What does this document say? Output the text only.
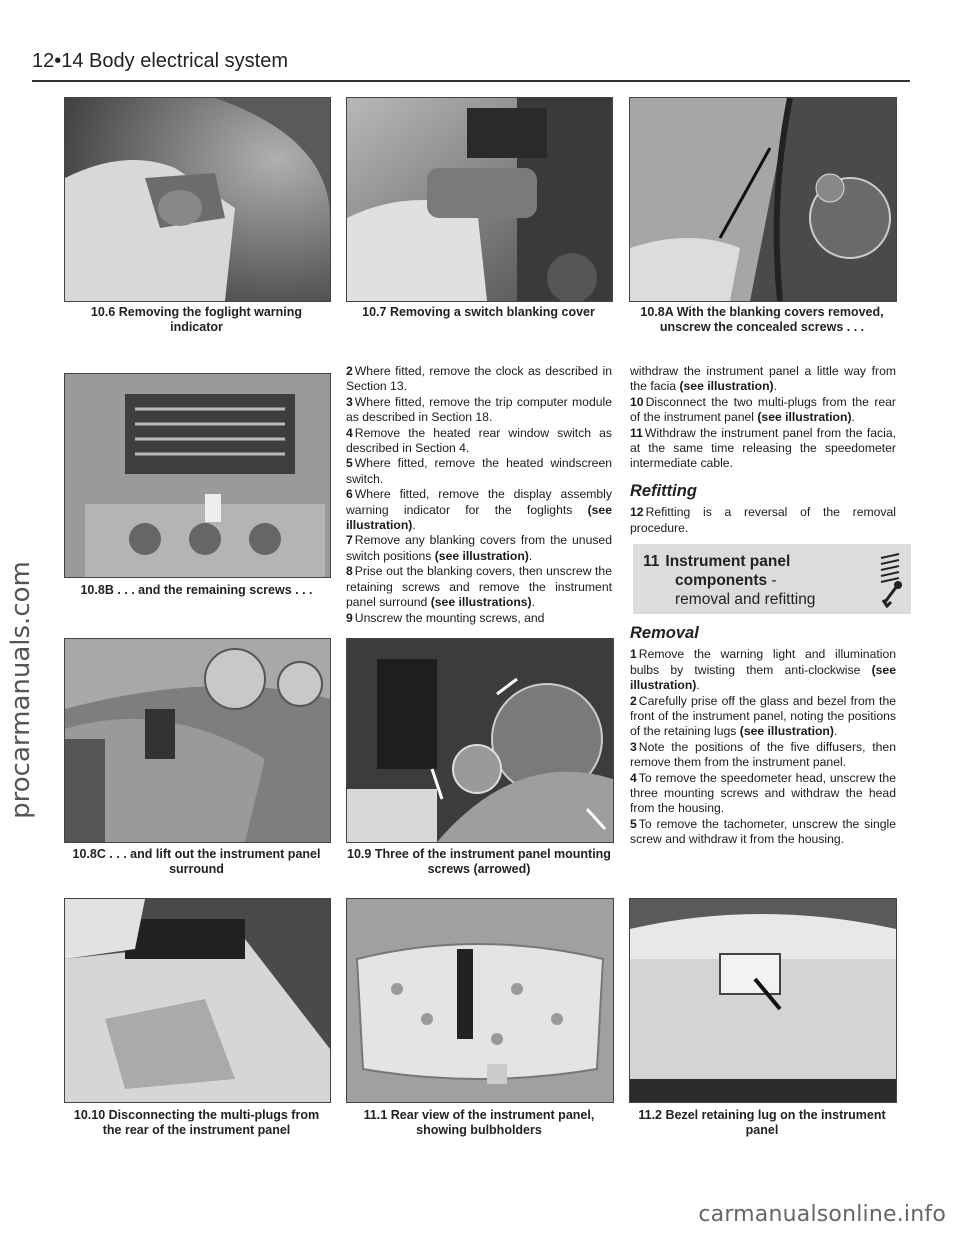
12•14 Body electrical system
procarmanuals.com
10.6 Removing the foglight warning indicator
10.7 Removing a switch blanking cover	10.8A With the blanking covers removed, unscrew the concealed screws . . .
10.8B . . . and the remaining screws . . .

2 Where fitted, remove the clock as described in Section 13.

3 Where fitted, remove the trip computer module as described in Section 18.

4 Remove the heated rear window switch as described in Section 4.

5 Where fitted, remove the heated windscreen switch.

6 Where fitted, remove the display assembly warning indicator for the foglights (see illustration).

7 Remove any blanking covers from the unused switch positions (see illustration).

8 Prise out the blanking covers, then unscrew the retaining screws and remove the instrument panel surround (see illustrations).

9 Unscrew the mounting screws, and

withdraw the instrument panel a little way from the facia (see illustration).

10 Disconnect the two multi-plugs from the rear of the instrument panel (see illustration).

11 Withdraw the instrument panel from the facia, at the same time releasing the speedometer intermediate cable.

Refitting

12 Refitting is a reversal of the removal procedure.

11 Instrument panel
components -
removal and refitting
Removal

1 Remove the warning light and illumination bulbs by twisting them anti-clockwise (see illustration).

2 Carefully prise off the glass and bezel from the front of the instrument panel, noting the positions of the retaining lugs (see illustration).

3 Note the positions of the five diffusers, then remove them from the instrument panel.

4 To remove the speedometer head, unscrew the three mounting screws and withdraw the head from the housing.

5 To remove the tachometer, unscrew the single screw and withdraw it from the housing.

10.8C . . . and lift out the instrument panel surround
10.9 Three of the instrument panel mounting screws (arrowed)
10.10 Disconnecting the multi-plugs from the rear of the instrument panel
11.1 Rear view of the instrument panel, showing bulbholders
11.2 Bezel retaining lug on the instrument panel
carmanualsonline.info
